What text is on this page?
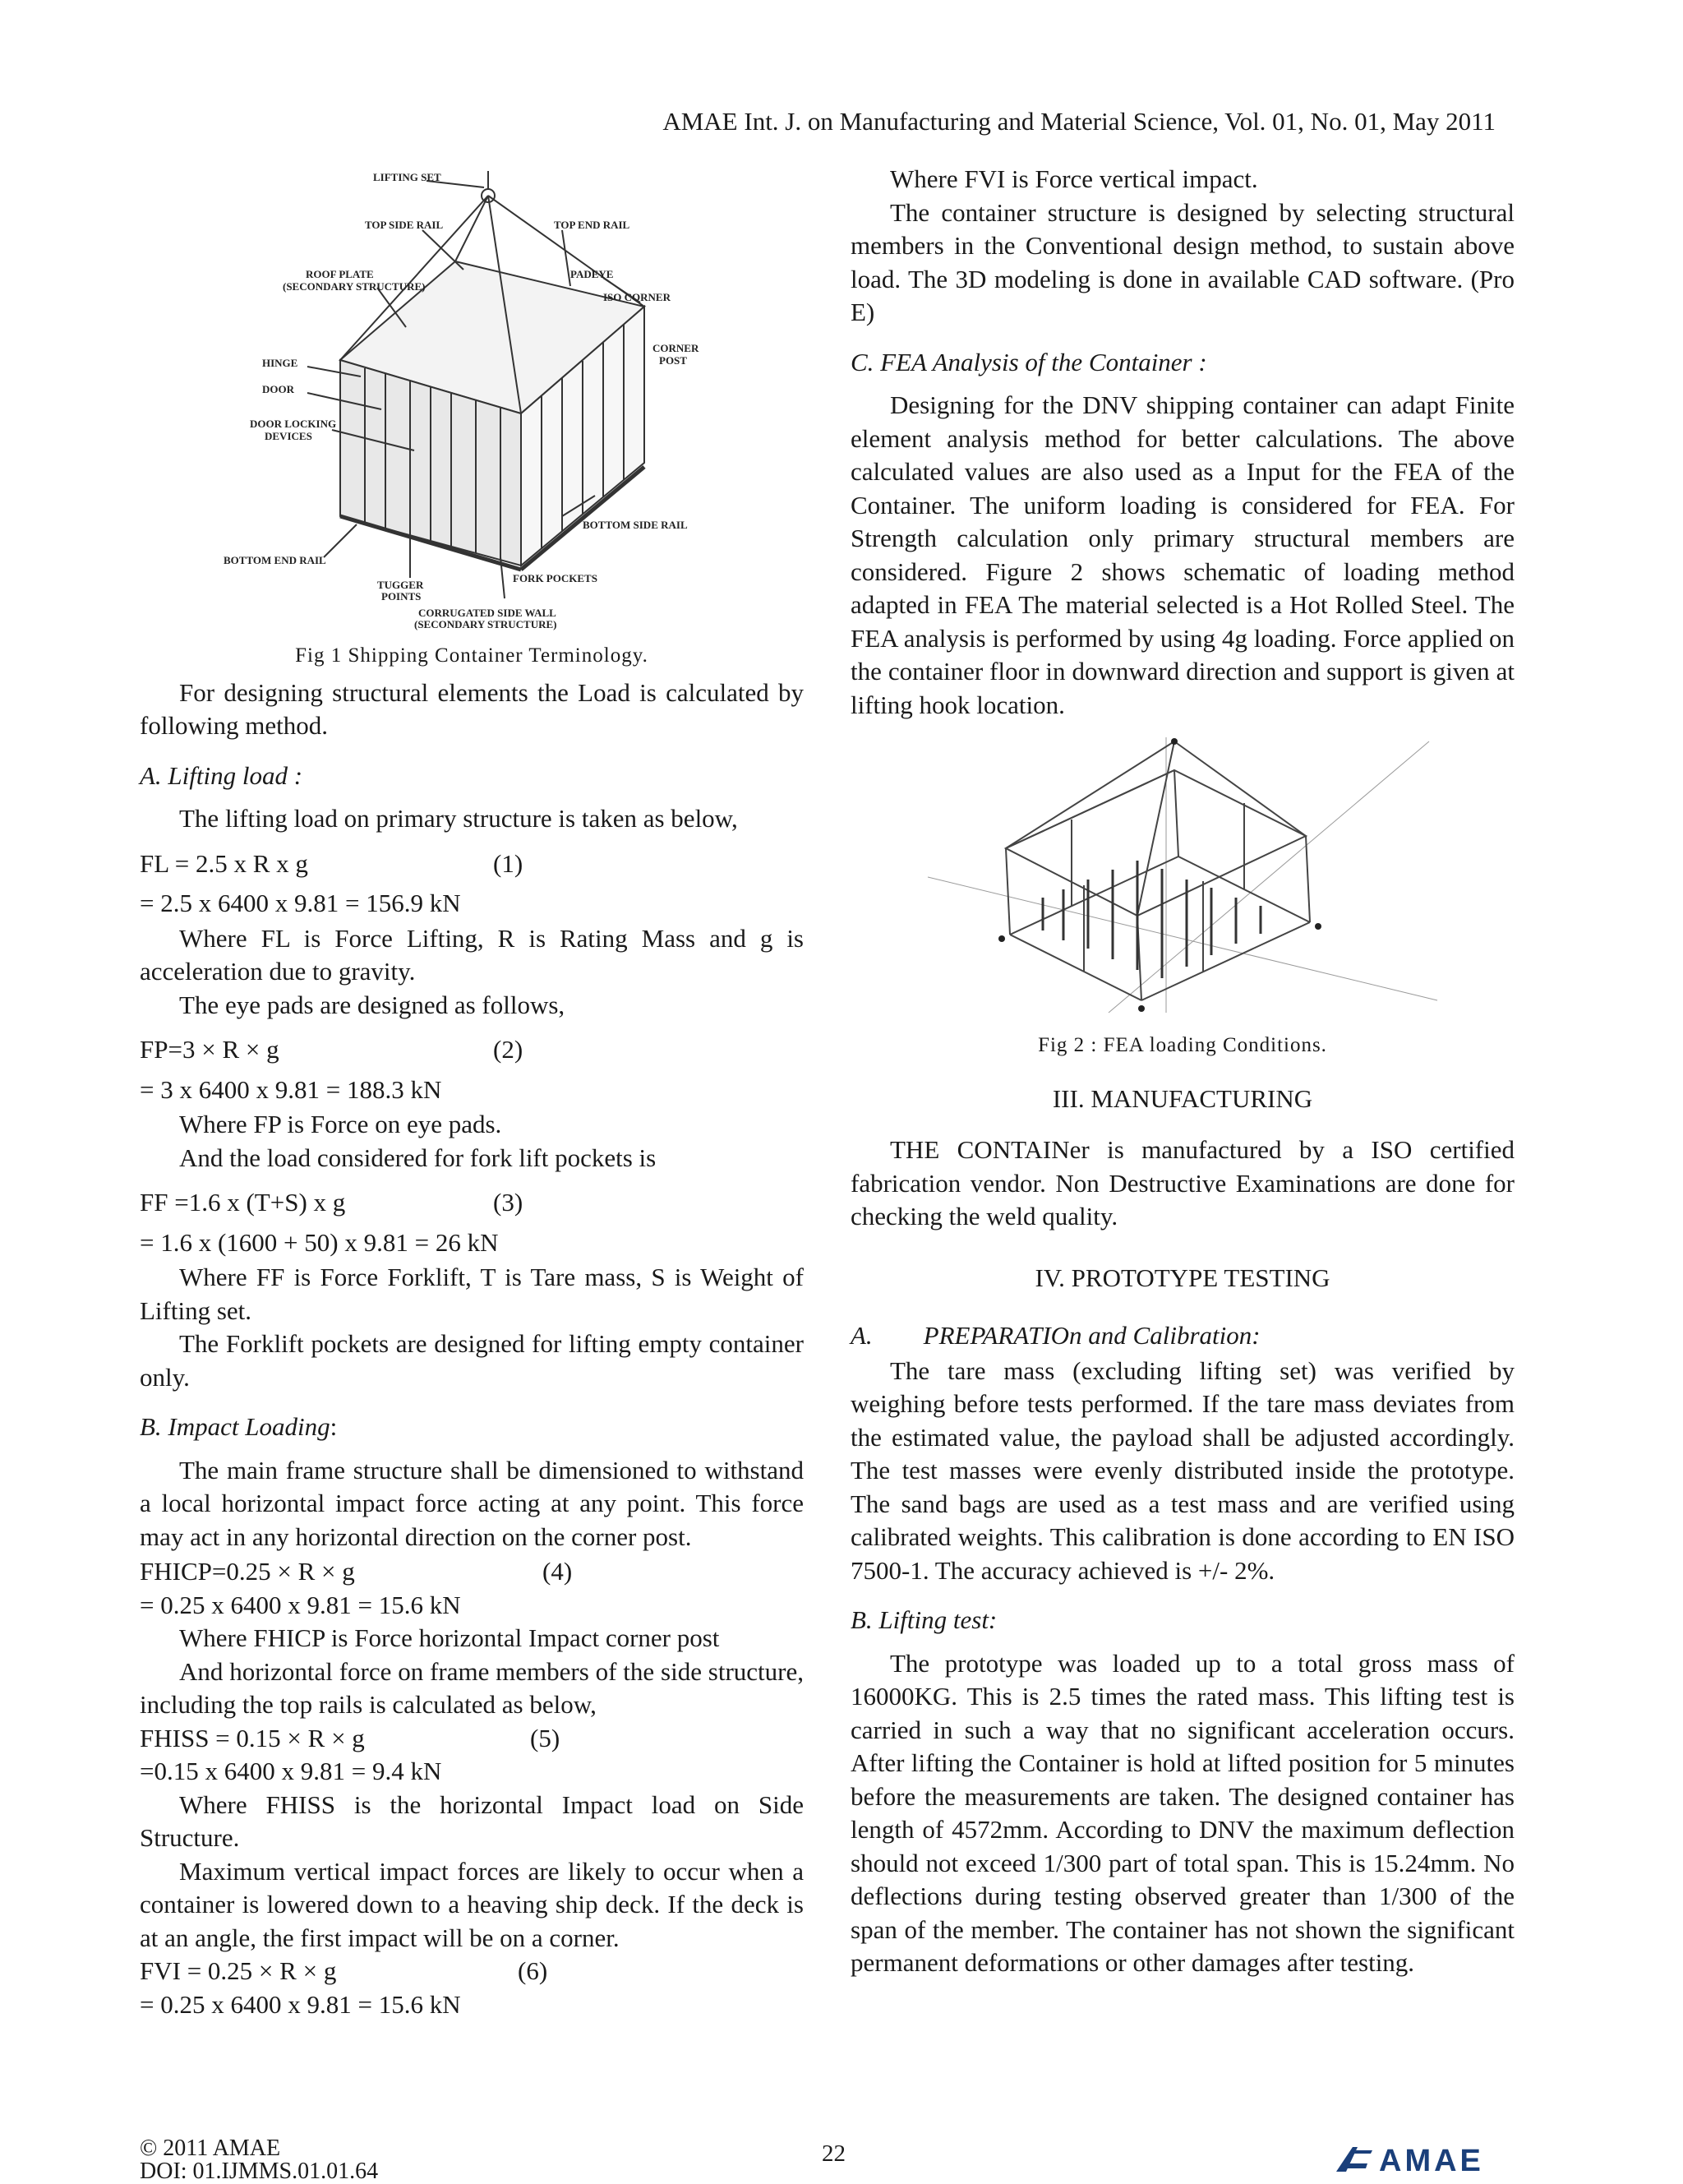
AMAE Int. J. on Manufacturing and Material Science, Vol. 01, No. 01, May 2011
LIFTING SET
TOP SIDE RAIL	TOP END RAIL
ROOF PLATE
(SECONDARY STRUCTURE)
PADEYE
ISO CORNER
CORNER
POST
HINGE
DOOR
DOOR LOCKING
DEVICES
BOTTOM END RAIL
BOTTOM SIDE RAIL
FORK POCKETS
TUGGER
POINTS
CORRUGATED SIDE WALL
(SECONDARY STRUCTURE)
Fig 1 Shipping Container Terminology.

For designing structural elements the Load is calculated by following method.

A. Lifting load :

The lifting load on primary structure is taken as below,

FL = 2.5 x R x g	(1)
= 2.5 x 6400 x 9.81 = 156.9 kN

Where FL is Force Lifting, R is Rating Mass and g is acceleration due to gravity.

The eye pads are designed as follows,

FP=3 × R × g	(2)
= 3 x 6400 x 9.81 = 188.3 kN

Where FP is Force on eye pads.

And the load considered for fork lift pockets is

FF =1.6 x (T+S) x g	(3)
= 1.6 x (1600 + 50) x 9.81 = 26 kN

Where FF is Force Forklift, T is Tare mass, S is Weight of Lifting set.

The Forklift pockets are designed for lifting empty container only.

B. Impact Loading:

The main frame structure shall be dimensioned to withstand a local horizontal impact force acting at any point. This force may act in any horizontal direction on the corner post.

FHICP=0.25 × R × g	(4)
= 0.25 x 6400 x 9.81 = 15.6 kN

Where FHICP is Force horizontal Impact corner post

And horizontal force on frame members of the side structure, including the top rails is calculated as below,

FHISS = 0.15 × R × g	(5)
=0.15 x 6400 x 9.81 = 9.4 kN

Where FHISS is the horizontal Impact load on Side Structure.

Maximum vertical impact forces are likely to occur when a container is lowered down to a heaving ship deck. If the deck is at an angle, the first impact will be on a corner.

FVI = 0.25 × R × g	(6)
= 0.25 x 6400 x 9.81 = 15.6 kN

Where FVI is Force vertical impact.

The container structure is designed by selecting structural members in the Conventional design method, to sustain above load. The 3D modeling is done in available CAD software. (Pro E)

C. FEA Analysis of the Container :

Designing for the DNV shipping container can adapt Finite element analysis method for better calculations. The above calculated values are also used as a Input for the FEA of the Container. The uniform loading is considered for FEA. For Strength calculation only primary structural members are considered. Figure 2 shows schematic of loading method adapted in FEA The material selected is a Hot Rolled Steel. The FEA analysis is performed by using 4g loading. Force applied on the container floor in downward direction and support is given at lifting hook location.

Fig 2 : FEA loading Conditions.
III. MANUFACTURING

THE CONTAINer is manufactured by a ISO certified fabrication vendor. Non Destructive Examinations are done for checking the weld quality.

IV. PROTOTYPE TESTING
A.        PREPARATIOn and Calibration:

The tare mass (excluding lifting set) was verified by weighing before tests performed. If the tare mass deviates from the estimated value, the payload shall be adjusted accordingly. The test masses were evenly distributed inside the prototype. The sand bags are used as a test mass and are verified using calibrated weights. This calibration is done according to EN ISO 7500-1. The accuracy achieved is +/- 2%.

B. Lifting test:

The prototype was loaded up to a total gross mass of 16000KG. This is 2.5 times the rated mass. This lifting test is carried in such a way that no significant acceleration occurs. After lifting the Container is hold at lifted position for 5 minutes before the measurements are taken. The designed container has length of 4572mm. According to DNV the maximum deflection should not exceed 1/300 part of total span. This is 15.24mm. No deflections during testing observed greater than 1/300 of the span of the member. The container has not shown the significant permanent deformations or other damages after testing.

© 2011 AMAE
DOI: 01.IJMMS.01.01.64
22	AMAE
